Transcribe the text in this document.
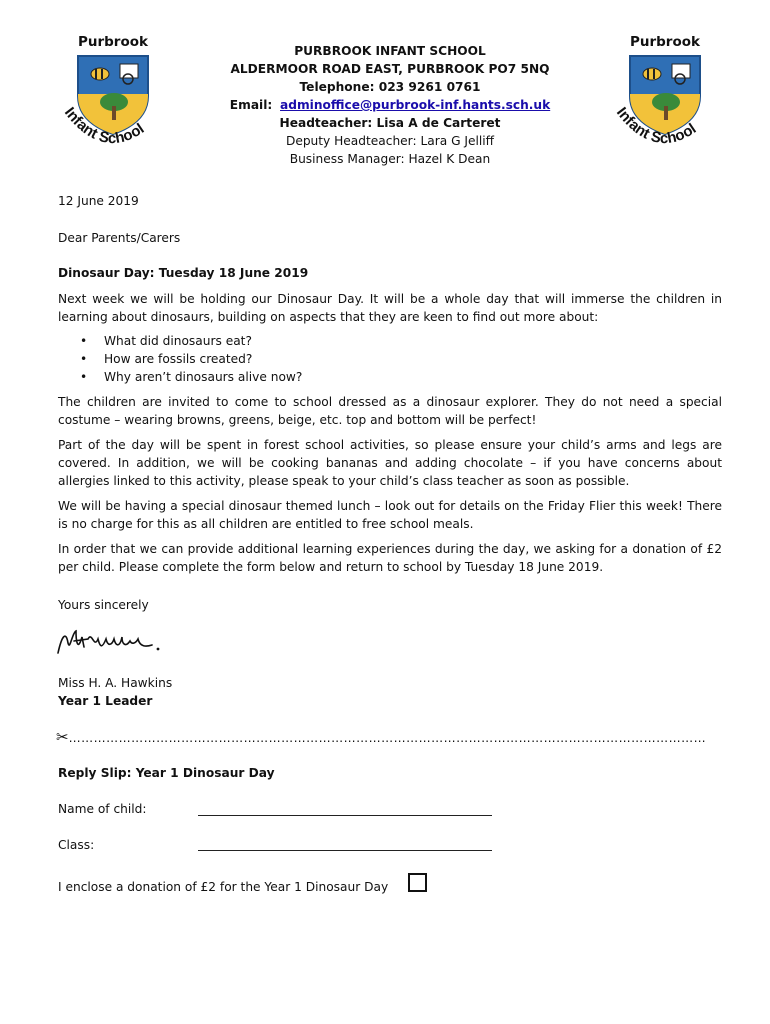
Purbrook
Infant School
PURBROOK INFANT SCHOOL
ALDERMOOR ROAD EAST, PURBROOK PO7 5NQ
Telephone: 023 9261 0761
Email: adminoffice@purbrook-inf.hants.sch.uk
Headteacher: Lisa A de Carteret
Deputy Headteacher: Lara G Jelliff
Business Manager: Hazel K Dean
Purbrook
Infant School
12 June 2019
Dear Parents/Carers
Dinosaur Day: Tuesday 18 June 2019

Next week we will be holding our Dinosaur Day. It will be a whole day that will immerse the children in learning about dinosaurs, building on aspects that they are keen to find out more about:

• What did dinosaurs eat?
• How are fossils created?
• Why aren’t dinosaurs alive now?

The children are invited to come to school dressed as a dinosaur explorer. They do not need a special costume – wearing browns, greens, beige, etc. top and bottom will be perfect!

Part of the day will be spent in forest school activities, so please ensure your child’s arms and legs are covered. In addition, we will be cooking bananas and adding chocolate – if you have concerns about allergies linked to this activity, please speak to your child’s class teacher as soon as possible.

We will be having a special dinosaur themed lunch – look out for details on the Friday Flier this week! There is no charge for this as all children are entitled to free school meals.

In order that we can provide additional learning experiences during the day, we asking for a donation of £2 per child. Please complete the form below and return to school by Tuesday 18 June 2019.

Yours sincerely
Miss H. A. Hawkins
Year 1 Leader
✂………………………………………………………………………………………………………………………………………
Reply Slip: Year 1 Dinosaur Day
Name of child:
Class:
I enclose a donation of £2 for the Year 1 Dinosaur Day
